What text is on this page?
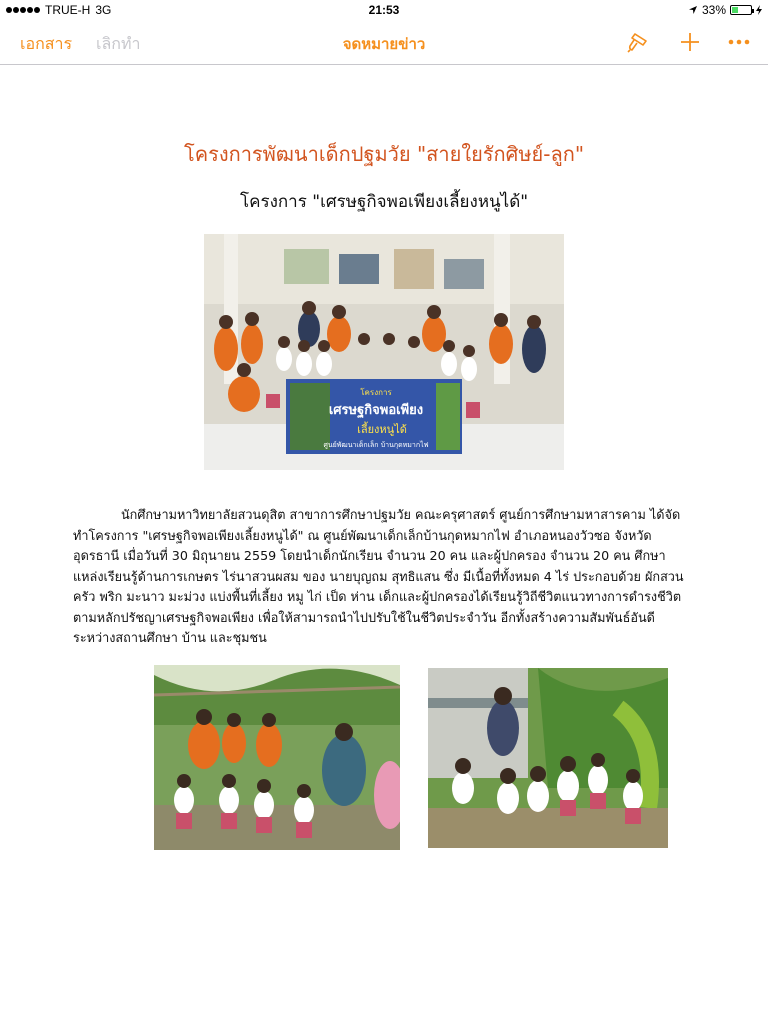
TRUE-H 3G	21:53	33%
เอกสาร เลิกทำ	จดหมายข่าว
โครงการพัฒนาเด็กปฐมวัย "สายใยรักศิษย์-ลูก"
โครงการ "เศรษฐกิจพอเพียงเลี้ยงหนูได้"
โครงการ
เศรษฐกิจพอเพียง
เลี้ยงหนูได้
ศูนย์พัฒนาเด็กเล็ก บ้านกุดหมากไฟ

นักศึกษามหาวิทยาลัยสวนดุสิต สาขาการศึกษาปฐมวัย คณะครุศาสตร์ ศูนย์การศึกษามหาสารคาม ได้จัดทำโครงการ "เศรษฐกิจพอเพียงเลี้ยงหนูได้" ณ ศูนย์พัฒนาเด็กเล็กบ้านกุดหมากไฟ อำเภอหนองวัวซอ จังหวัดอุดรธานี เมื่อวันที่ 30 มิถุนายน 2559 โดยนำเด็กนักเรียน จำนวน 20 คน และผู้ปกครอง จำนวน 20 คน ศึกษาแหล่งเรียนรู้ด้านการเกษตร ไร่นาสวนผสม ของ นายบุญถม สุทธิแสน ซึ่ง มีเนื้อที่ทั้งหมด 4 ไร่ ประกอบด้วย ผักสวนครัว พริก มะนาว มะม่วง แบ่งพื้นที่เลี้ยง หมู ไก่ เป็ด ห่าน เด็กและผู้ปกครองได้เรียนรู้วิถีชีวิตแนวทางการดำรงชีวิตตามหลักปรัชญาเศรษฐกิจพอเพียง เพื่อให้สามารถนำไปปรับใช้ในชีวิตประจำวัน อีกทั้งสร้างความสัมพันธ์อันดีระหว่างสถานศึกษา บ้าน และชุมชน
